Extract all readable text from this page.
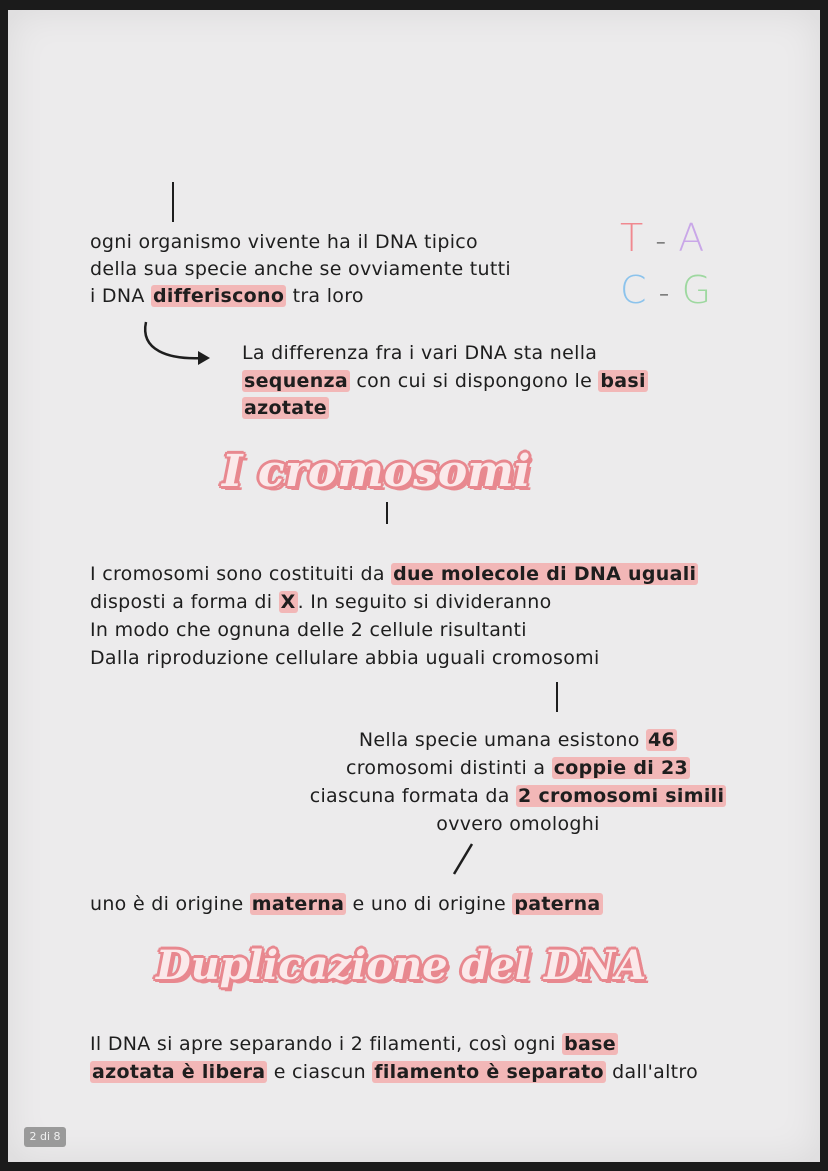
ogni organismo vivente ha il DNA tipico
della sua specie anche se ovviamente tutti
i DNA differiscono tra loro
T - A
C - G
La differenza fra i vari DNA sta nella
sequenza con cui si dispongono le basi
azotate
I cromosomi
I cromosomi sono costituiti da due molecole di DNA uguali
disposti a forma di X . In seguito si divideranno
In modo che ognuna delle 2 cellule risultanti
Dalla riproduzione cellulare abbia uguali cromosomi
Nella specie umana esistono 46
cromosomi distinti a coppie di 23
ciascuna formata da 2 cromosomi simili
ovvero omologhi
uno è di origine materna e uno di origine paterna
Duplicazione del DNA
Il DNA si apre separando i 2 filamenti, così ogni base
azotata è libera e ciascun filamento è separato dall'altro
2 di 8
